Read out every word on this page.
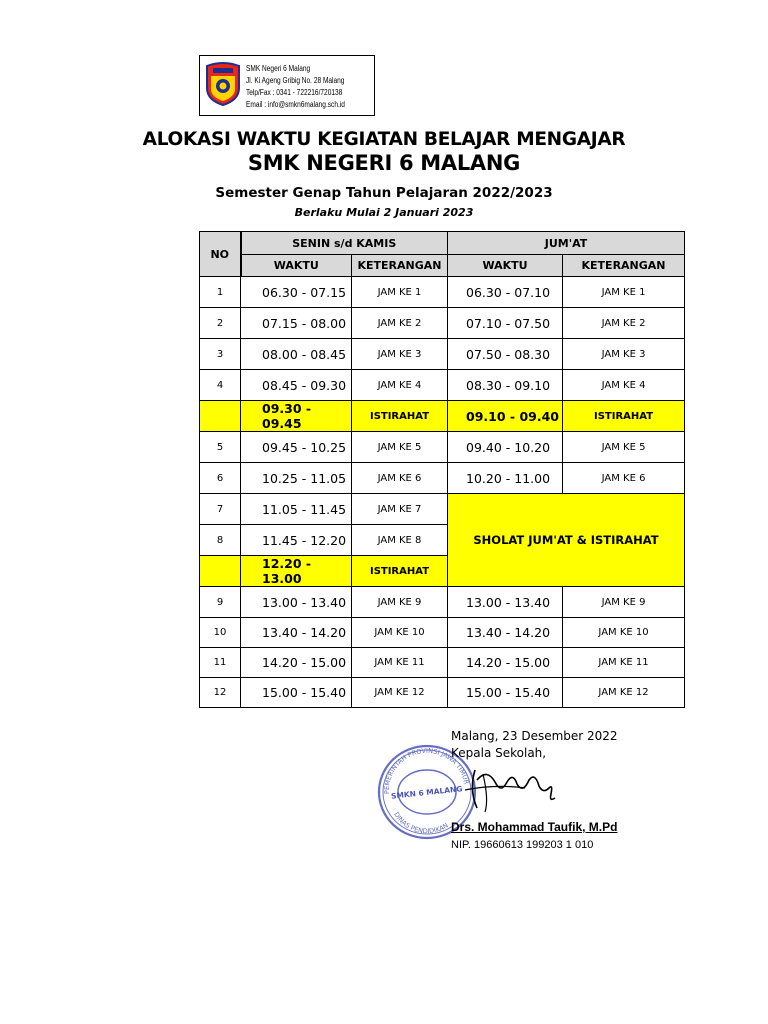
SMK Negeri 6 Malang
Jl. Ki Ageng Gribig No. 28 Malang
Telp/Fax : 0341 - 722216/720138
Email : info@smkn6malang.sch.id
ALOKASI WAKTU KEGIATAN BELAJAR MENGAJAR
SMK NEGERI 6 MALANG
Semester Genap Tahun Pelajaran 2022/2023
Berlaku Mulai 2 Januari 2023
NO	SENIN s/d KAMIS		JUM'AT	
	WAKTU	KETERANGAN	WAKTU	KETERANGAN
1	06.30 - 07.15	JAM KE 1	06.30 - 07.10	JAM KE 1
2	07.15 - 08.00	JAM KE 2	07.10 - 07.50	JAM KE 2
3	08.00 - 08.45	JAM KE 3	07.50 - 08.30	JAM KE 3
4	08.45 - 09.30	JAM KE 4	08.30 - 09.10	JAM KE 4
	09.30 - 09.45	ISTIRAHAT	09.10 - 09.40	ISTIRAHAT
5	09.45 - 10.25	JAM KE 5	09.40 - 10.20	JAM KE 5
6	10.25 - 11.05	JAM KE 6	10.20 - 11.00	JAM KE 6
7	11.05 - 11.45	JAM KE 7	SHOLAT JUM'AT & ISTIRAHAT	
8	11.45 - 12.20	JAM KE 8		
	12.20 - 13.00	ISTIRAHAT		
9	13.00 - 13.40	JAM KE 9	13.00 - 13.40	JAM KE 9
10	13.40 - 14.20	JAM KE 10	13.40 - 14.20	JAM KE 10
11	14.20 - 15.00	JAM KE 11	14.20 - 15.00	JAM KE 11
12	15.00 - 15.40	JAM KE 12	15.00 - 15.40	JAM KE 12
PEMERINTAH PROVINSI JAWA TIMUR
DINAS PENDIDIKAN
SMKN 6 MALANG
Malang, 23 Desember 2022
Kepala Sekolah,
Drs. Mohammad Taufik, M.Pd
NIP. 19660613 199203 1 010
